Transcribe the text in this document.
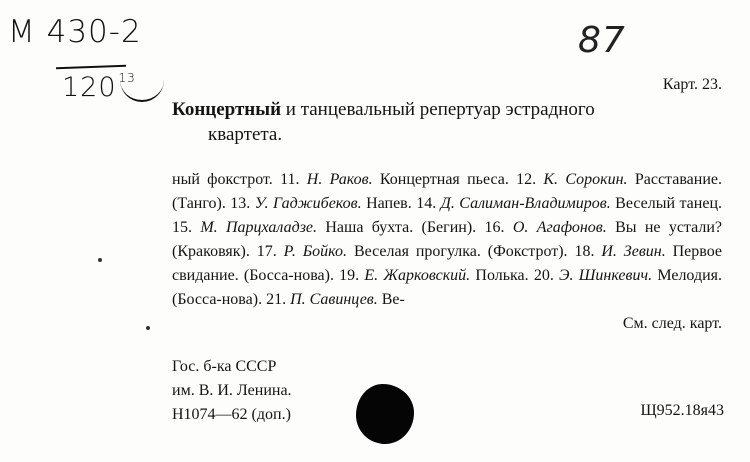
М 430-2
120 $^{13}$
87
Карт. 23.
Концертный и танцевальный репертуар эстрадного
квартета.
ный фокстрот. 11. Н. Раков. Концертная пьеса. 12. К. Сорокин. Расставание. (Танго). 13. У. Гаджибеков. Напев. 14. Д. Салиман-Владимиров. Веселый танец. 15. М. Парцхаладзе. Наша бухта. (Бегин). 16. О. Агафонов. Вы не устали? (Краковяк). 17. Р. Бойко. Веселая прогулка. (Фокстрот). 18. И. Зевин. Первое свидание. (Босса-нова). 19. Е. Жарковский. Полька. 20. Э. Шинкевич. Мелодия. (Босса-нова). 21. П. Савинцев. Ве-
См. след. карт.
Гос. б-ка СССР
им. В. И. Ленина.
Н1074—62 (доп.)	Щ952.18я43
